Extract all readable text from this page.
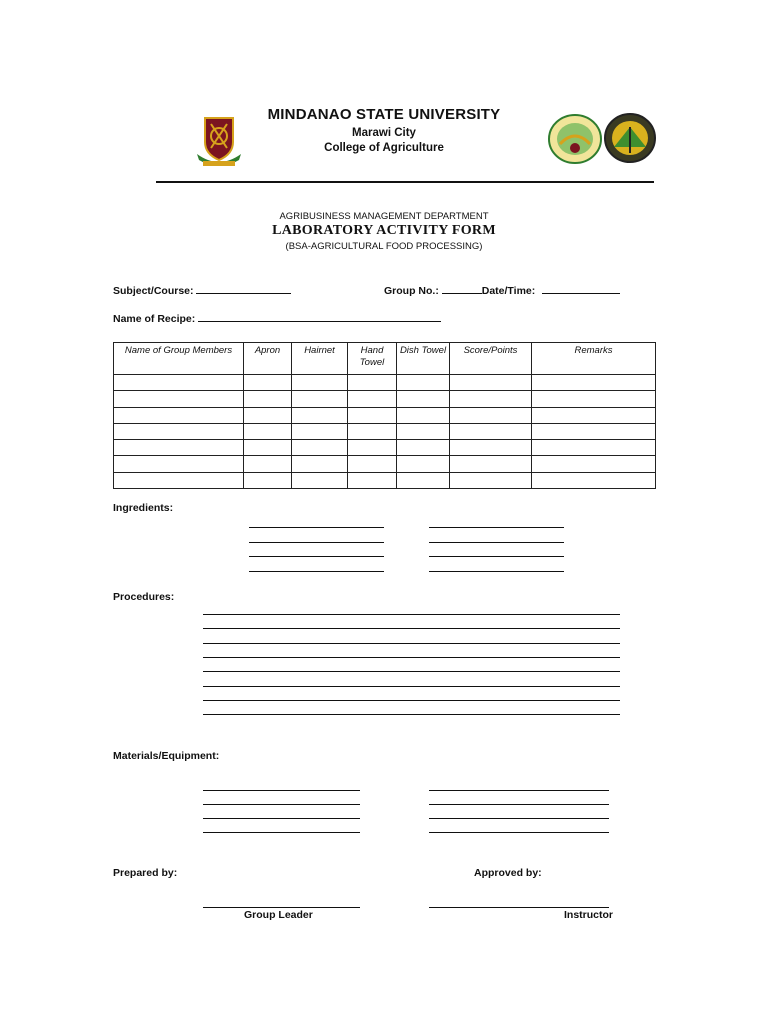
MINDANAO STATE UNIVERSITY
Marawi City
College of Agriculture
AGRIBUSINESS MANAGEMENT DEPARTMENT
LABORATORY ACTIVITY FORM
(BSA-AGRICULTURAL FOOD PROCESSING)
Subject/Course:	Group No.:	Date/Time:
Name of Recipe:
Name of Group Members	Apron	Hairnet	Hand Towel	Dish Towel	Score/Points	Remarks

Ingredients:
Procedures:
Materials/Equipment:
Prepared by:	Approved by:
Group Leader	Instructor
